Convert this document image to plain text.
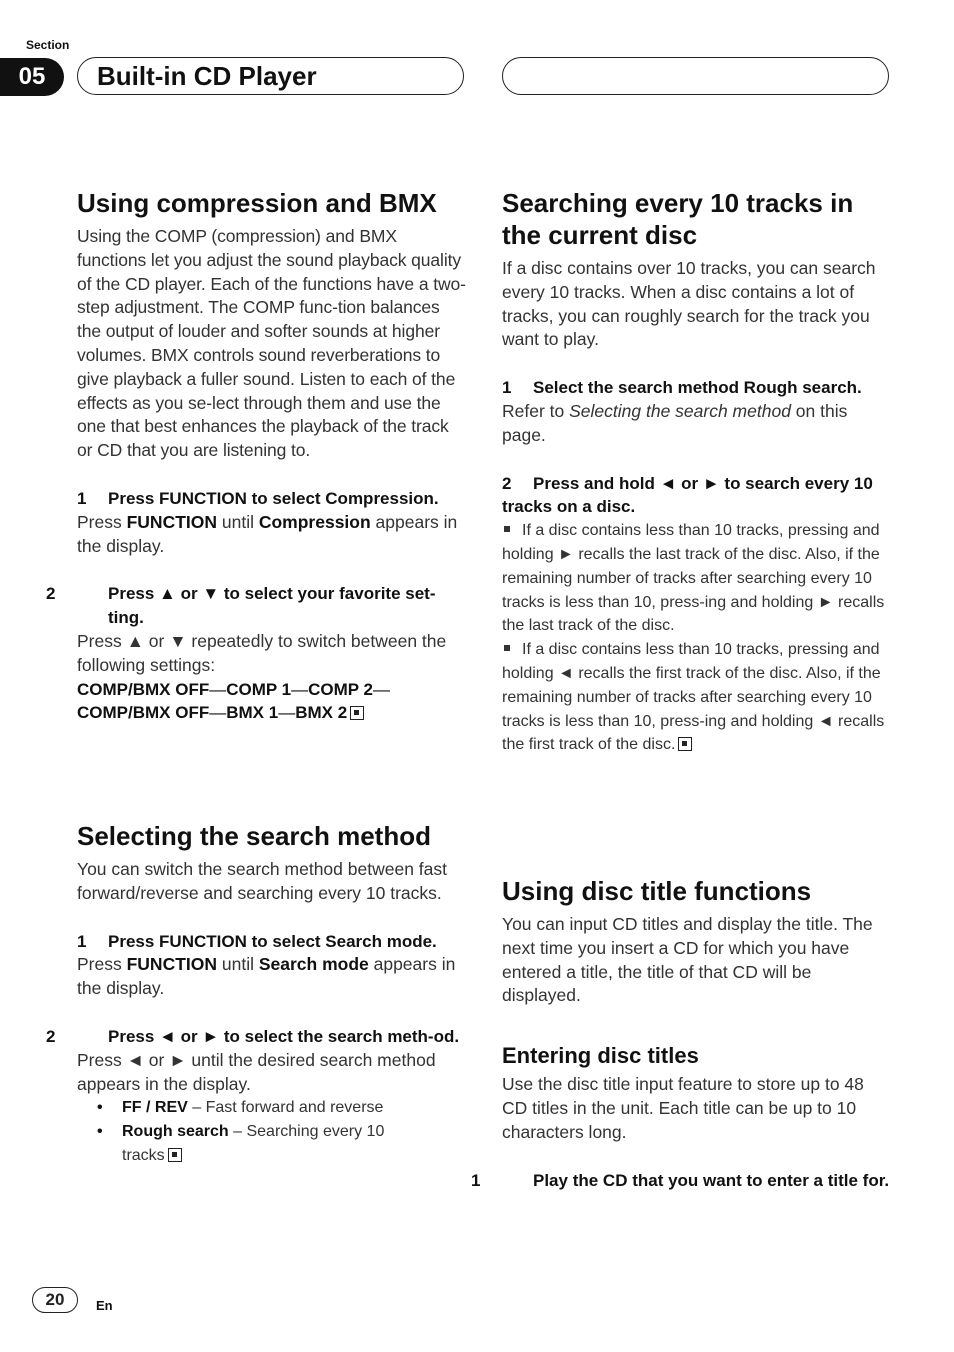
Section
05	Built-in CD Player
Using compression and BMX

Using the COMP (compression) and BMX functions let you adjust the sound playback quality of the CD player. Each of the functions have a two-step adjustment. The COMP func-tion balances the output of louder and softer sounds at higher volumes. BMX controls sound reverberations to give playback a fuller sound. Listen to each of the effects as you se-lect through them and use the one that best enhances the playback of the track or CD that you are listening to.

1 Press FUNCTION to select Compression.

Press FUNCTION until Compression appears in the display.

2	Press ▲ or ▼ to select your favorite set-ting.

Press ▲ or ▼ repeatedly to switch between the following settings:

COMP/BMX OFF—COMP 1—COMP 2—

COMP/BMX OFF—BMX 1—BMX 2

Selecting the search method

You can switch the search method between fast forward/reverse and searching every 10 tracks.

1 Press FUNCTION to select Search mode.

Press FUNCTION until Search mode appears in the display.

2	Press ◄ or ► to select the search meth-od.

Press ◄ or ► until the desired search method appears in the display.

• FF / REV – Fast forward and reverse

• Rough search – Searching every 10 tracks

Searching every 10 tracks in the current disc

If a disc contains over 10 tracks, you can search every 10 tracks. When a disc contains a lot of tracks, you can roughly search for the track you want to play.

1 Select the search method Rough search.

Refer to Selecting the search method on this page.

2 Press and hold ◄ or ► to search every 10 tracks on a disc.

If a disc contains less than 10 tracks, pressing and holding ► recalls the last track of the disc. Also, if the remaining number of tracks after searching every 10 tracks is less than 10, press-ing and holding ► recalls the last track of the disc.

If a disc contains less than 10 tracks, pressing and holding ◄ recalls the first track of the disc. Also, if the remaining number of tracks after searching every 10 tracks is less than 10, press-ing and holding ◄ recalls the first track of the disc.

Using disc title functions

You can input CD titles and display the title. The next time you insert a CD for which you have entered a title, the title of that CD will be displayed.

Entering disc titles

Use the disc title input feature to store up to 48 CD titles in the unit. Each title can be up to 10 characters long.

1	Play the CD that you want to enter a title for.

20	En
